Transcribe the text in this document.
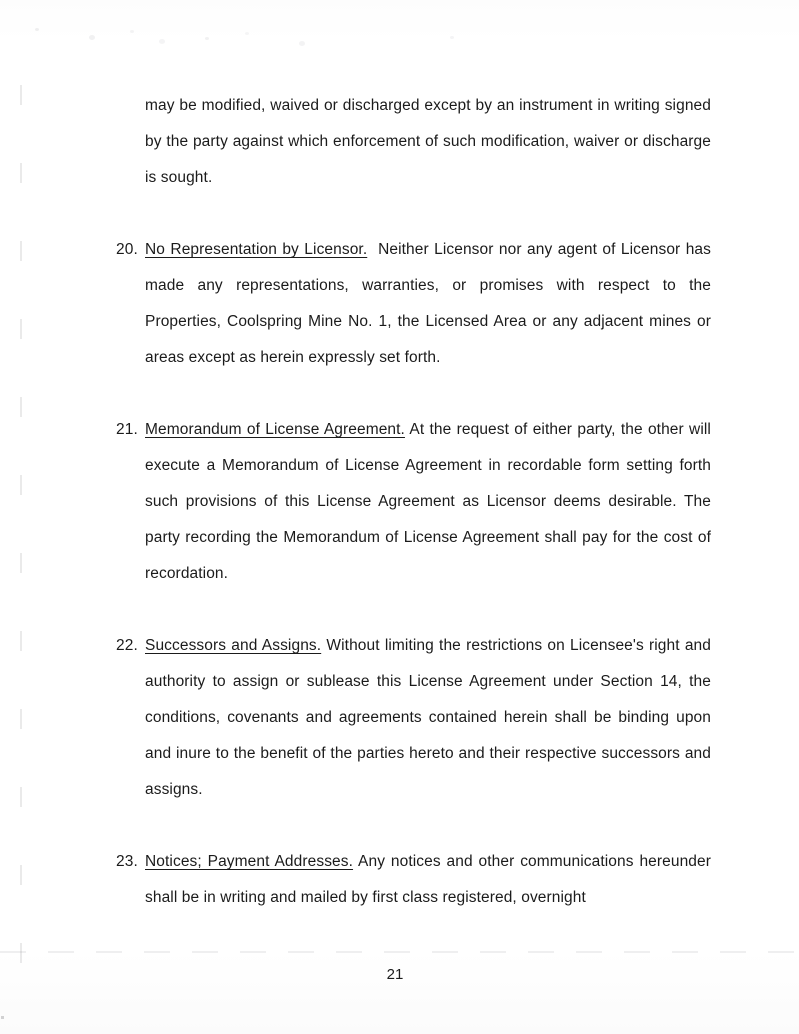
may be modified, waived or discharged except by an instrument in writing signed by the party against which enforcement of such modification, waiver or discharge is sought.

20. No Representation by Licensor. Neither Licensor nor any agent of Licensor has made any representations, warranties, or promises with respect to the Properties, Coolspring Mine No. 1, the Licensed Area or any adjacent mines or areas except as herein expressly set forth.

21. Memorandum of License Agreement. At the request of either party, the other will execute a Memorandum of License Agreement in recordable form setting forth such provisions of this License Agreement as Licensor deems desirable. The party recording the Memorandum of License Agreement shall pay for the cost of recordation.

22. Successors and Assigns. Without limiting the restrictions on Licensee's right and authority to assign or sublease this License Agreement under Section 14, the conditions, covenants and agreements contained herein shall be binding upon and inure to the benefit of the parties hereto and their respective successors and assigns.

23. Notices; Payment Addresses. Any notices and other communications hereunder shall be in writing and mailed by first class registered, overnight

21
